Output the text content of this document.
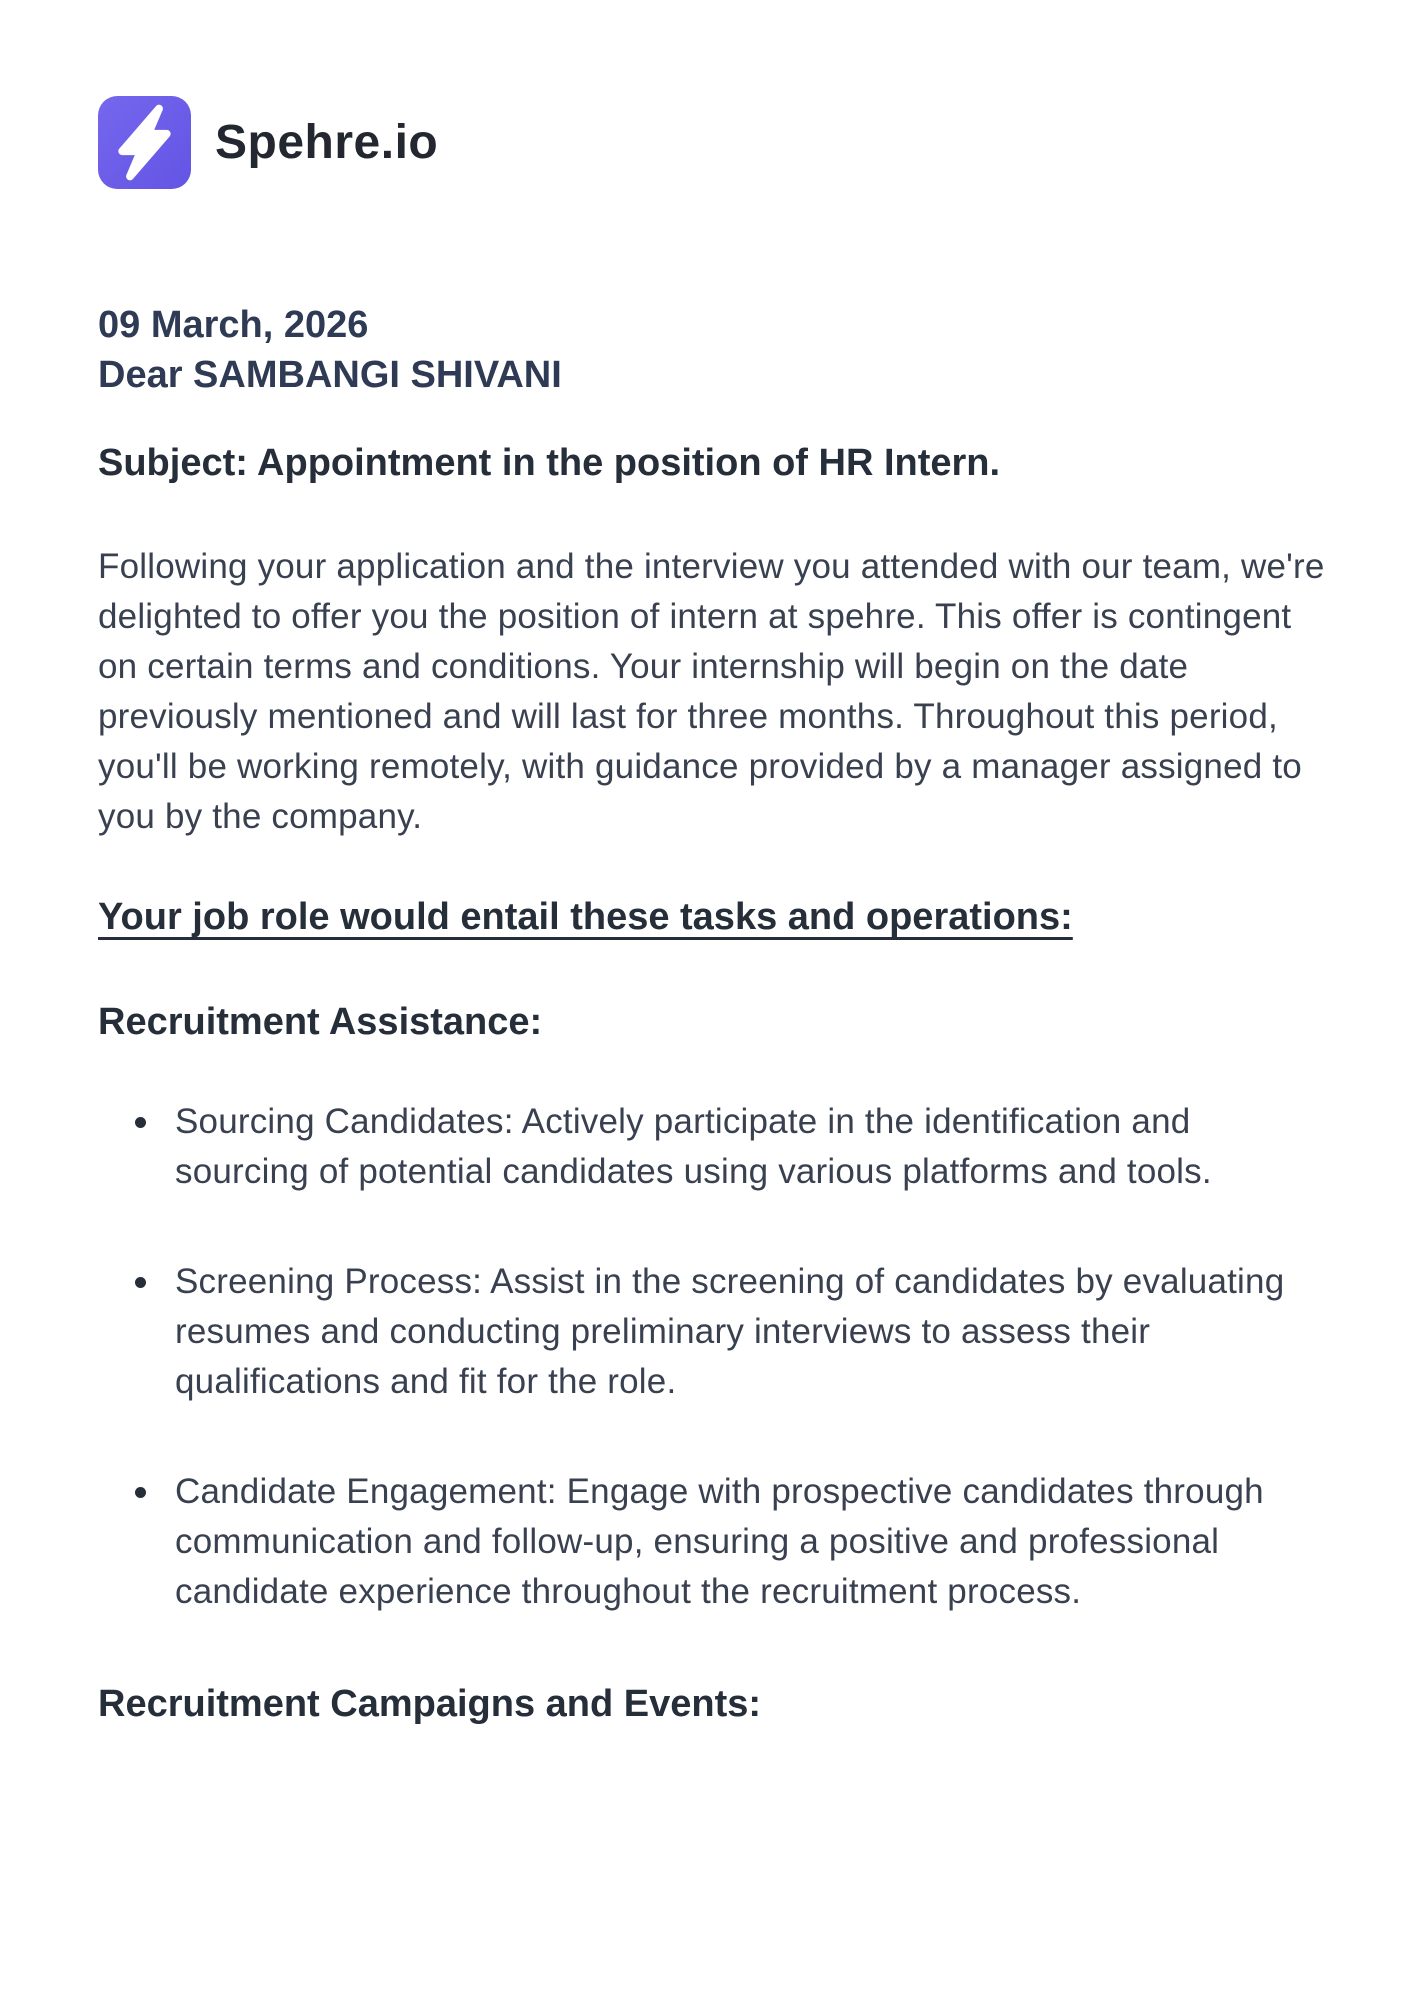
Spehre.io
09 March, 2026
Dear SAMBANGI SHIVANI
Subject: Appointment in the position of HR Intern.

Following your application and the interview you attended with our team, we're delighted to offer you the position of intern at spehre. This offer is contingent on certain terms and conditions. Your internship will begin on the date previously mentioned and will last for three months. Throughout this period, you'll be working remotely, with guidance provided by a manager assigned to you by the company.

Your job role would entail these tasks and operations:
Recruitment Assistance:
Sourcing Candidates: Actively participate in the identification and sourcing of potential candidates using various platforms and tools.
Screening Process: Assist in the screening of candidates by evaluating resumes and conducting preliminary interviews to assess their qualifications and fit for the role.
Candidate Engagement: Engage with prospective candidates through communication and follow-up, ensuring a positive and professional candidate experience throughout the recruitment process.
Recruitment Campaigns and Events:
